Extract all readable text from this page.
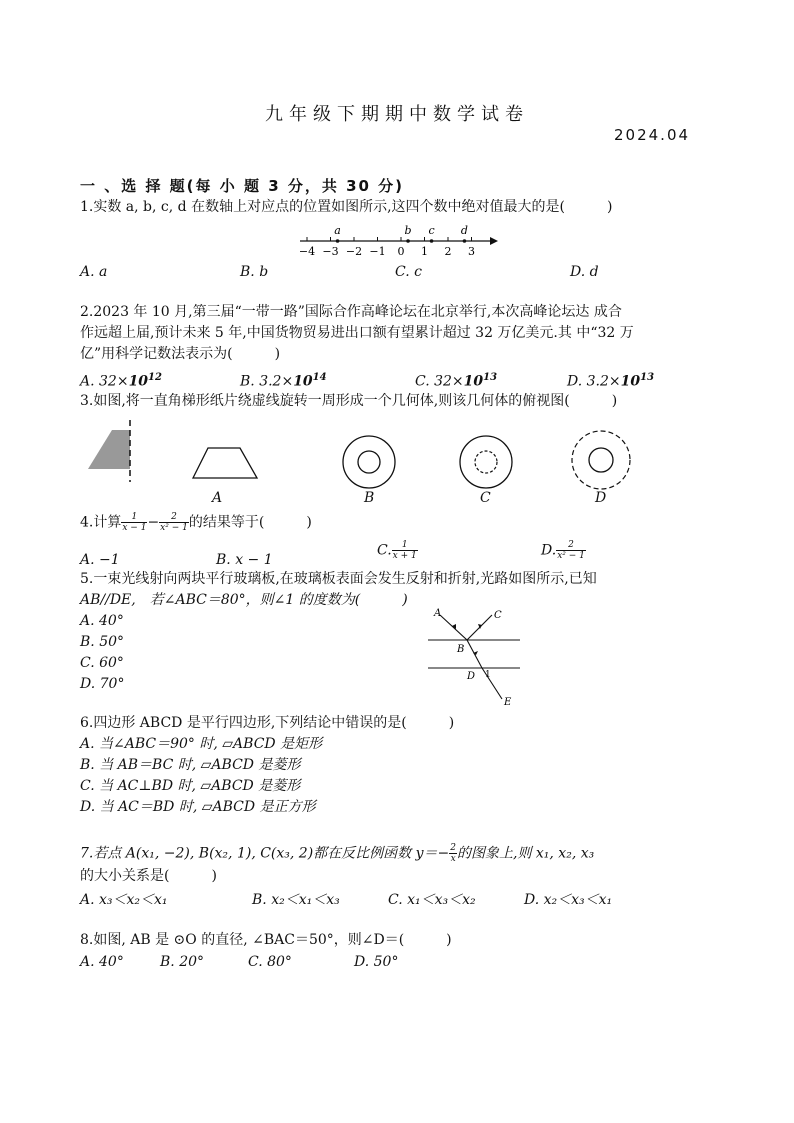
九年级下期期中数学试卷
2024.04
一 、选 择 题(每 小 题 3 分，共 30 分)
1.实数 a, b, c, d 在数轴上对应点的位置如图所示,这四个数中绝对值最大的是(　　　)
−4 −3 −2 −1 0 1 2 3
a	b c d
A. a	B. b	C. c	D. d
2.2023 年 10 月,第三届“一带一路”国际合作高峰论坛在北京举行,本次高峰论坛达 成合
作远超上届,预计未来 5 年,中国货物贸易进出口额有望累计超过 32 万亿美元.其 中“32 万
亿”用科学记数法表示为(　　　)
A. $32\times 10^{12}$	B. $3.2\times 10^{14}$	C. $32\times 10^{13}$	D. $3.2\times 10^{13}$
3.如图,将一直角梯形纸片绕虚线旋转一周形成一个几何体,则该几何体的俯视图(　　　)
A	B	C	D
4.计算 $\frac{1}{x - 1} - \frac{2}{\text{x² − 1}}$ 的结果等于(　　　)
A. −1	B. x − 1
C. $\frac{1}{x + 1}$	D. $\frac{2}{\text{x² − 1}}$
5.一束光线射向两块平行玻璃板,在玻璃板表面会发生反射和折射,光路如图所示,已知
AB//DE,　若∠ABC＝80°，则∠1 的度数为(　　　)
A. 40°
B. 50°
C. 60°
D. 70°
A	C
B
D 1
E
6.四边形 ABCD 是平行四边形,下列结论中错误的是(　　　)
A. 当∠ABC＝90° 时, ▱ABCD 是矩形
B. 当 AB＝BC 时, ▱ABCD 是菱形
C. 当 AC⊥BD 时, ▱ABCD 是菱形
D. 当 AC＝BD 时, ▱ABCD 是正方形
7.若点 A(x₁, −2), B(x₂, 1), C(x₃, 2)都在反比例函数 $y=- \frac{2}{x}$ 的图象上,则 x₁, x₂, x₃
的大小关系是(　　　)
A. x₃＜x₂＜x₁	B. x₂＜x₁＜x₃	C. x₁＜x₃＜x₂	D. x₂＜x₃＜x₁
8.如图, AB 是 ⊙O 的直径, ∠BAC＝50°，则∠D＝(　　　)
A. 40°	B. 20°	C. 80°	D. 50°
